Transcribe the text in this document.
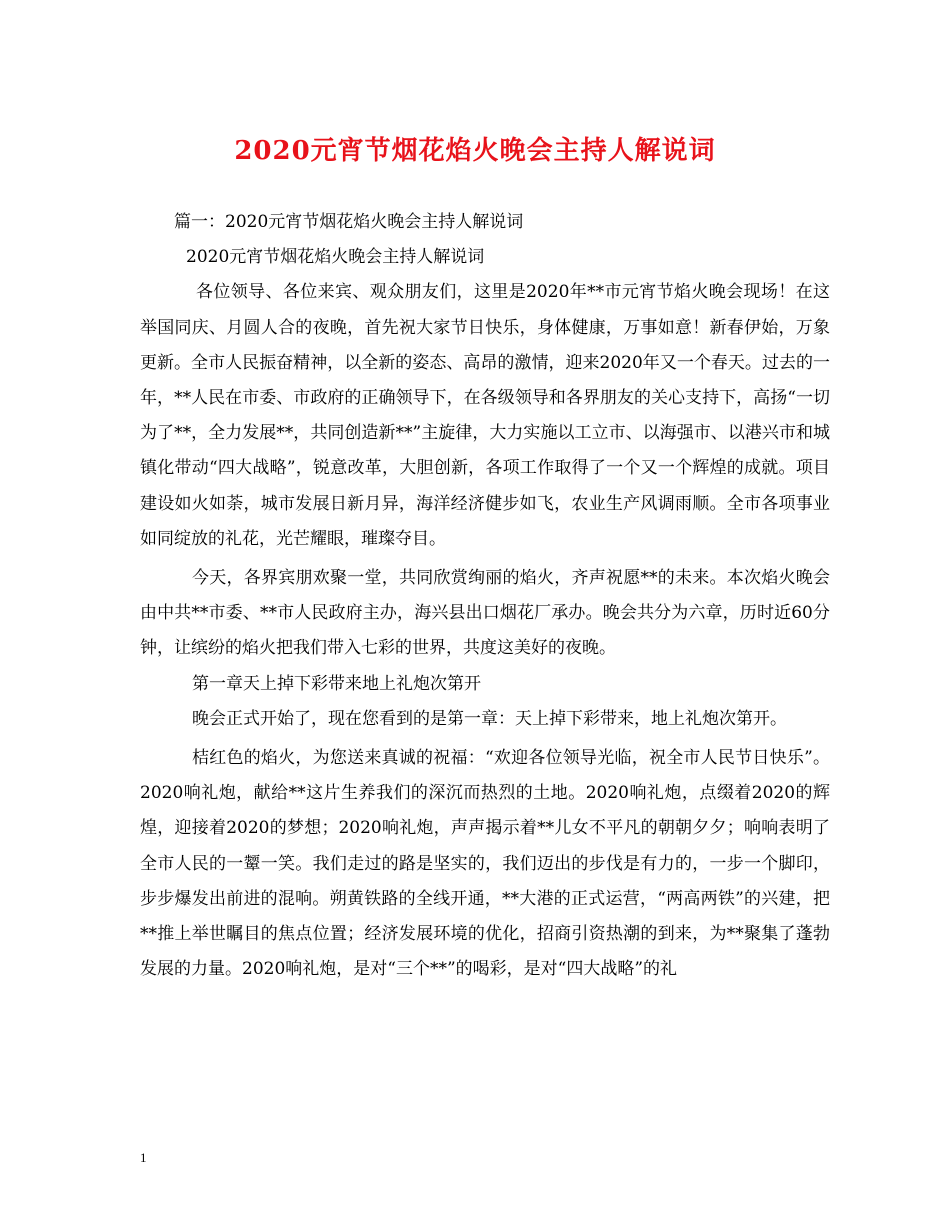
2020元宵节烟花焰火晚会主持人解说词

篇一：2020元宵节烟花焰火晚会主持人解说词

2020元宵节烟花焰火晚会主持人解说词

各位领导、各位来宾、观众朋友们，这里是2020年**市元宵节焰火晚会现场！在这举国同庆、月圆人合的夜晚，首先祝大家节日快乐，身体健康，万事如意！新春伊始，万象更新。全市人民振奋精神，以全新的姿态、高昂的激情，迎来2020年又一个春天。过去的一年，**人民在市委、市政府的正确领导下，在各级领导和各界朋友的关心支持下，高扬“一切为了**，全力发展**，共同创造新**”主旋律，大力实施以工立市、以海强市、以港兴市和城镇化带动“四大战略”，锐意改革，大胆创新，各项工作取得了一个又一个辉煌的成就。项目建设如火如荼，城市发展日新月异，海洋经济健步如飞，农业生产风调雨顺。全市各项事业如同绽放的礼花，光芒耀眼，璀璨夺目。

今天，各界宾朋欢聚一堂，共同欣赏绚丽的焰火，齐声祝愿**的未来。本次焰火晚会由中共**市委、**市人民政府主办，海兴县出口烟花厂承办。晚会共分为六章，历时近60分钟，让缤纷的焰火把我们带入七彩的世界，共度这美好的夜晚。

第一章天上掉下彩带来地上礼炮次第开

晚会正式开始了，现在您看到的是第一章：天上掉下彩带来，地上礼炮次第开。

桔红色的焰火，为您送来真诚的祝福：“欢迎各位领导光临，祝全市人民节日快乐”。2020响礼炮，献给**这片生养我们的深沉而热烈的土地。2020响礼炮，点缀着2020的辉煌，迎接着2020的梦想；2020响礼炮，声声揭示着**儿女不平凡的朝朝夕夕；响响表明了全市人民的一颦一笑。我们走过的路是坚实的，我们迈出的步伐是有力的，一步一个脚印，步步爆发出前进的混响。朔黄铁路的全线开通，**大港的正式运营，“两高两铁”的兴建，把**推上举世瞩目的焦点位置；经济发展环境的优化，招商引资热潮的到来，为**聚集了蓬勃发展的力量。2020响礼炮，是对“三个**”的喝彩，是对“四大战略”的礼

1
